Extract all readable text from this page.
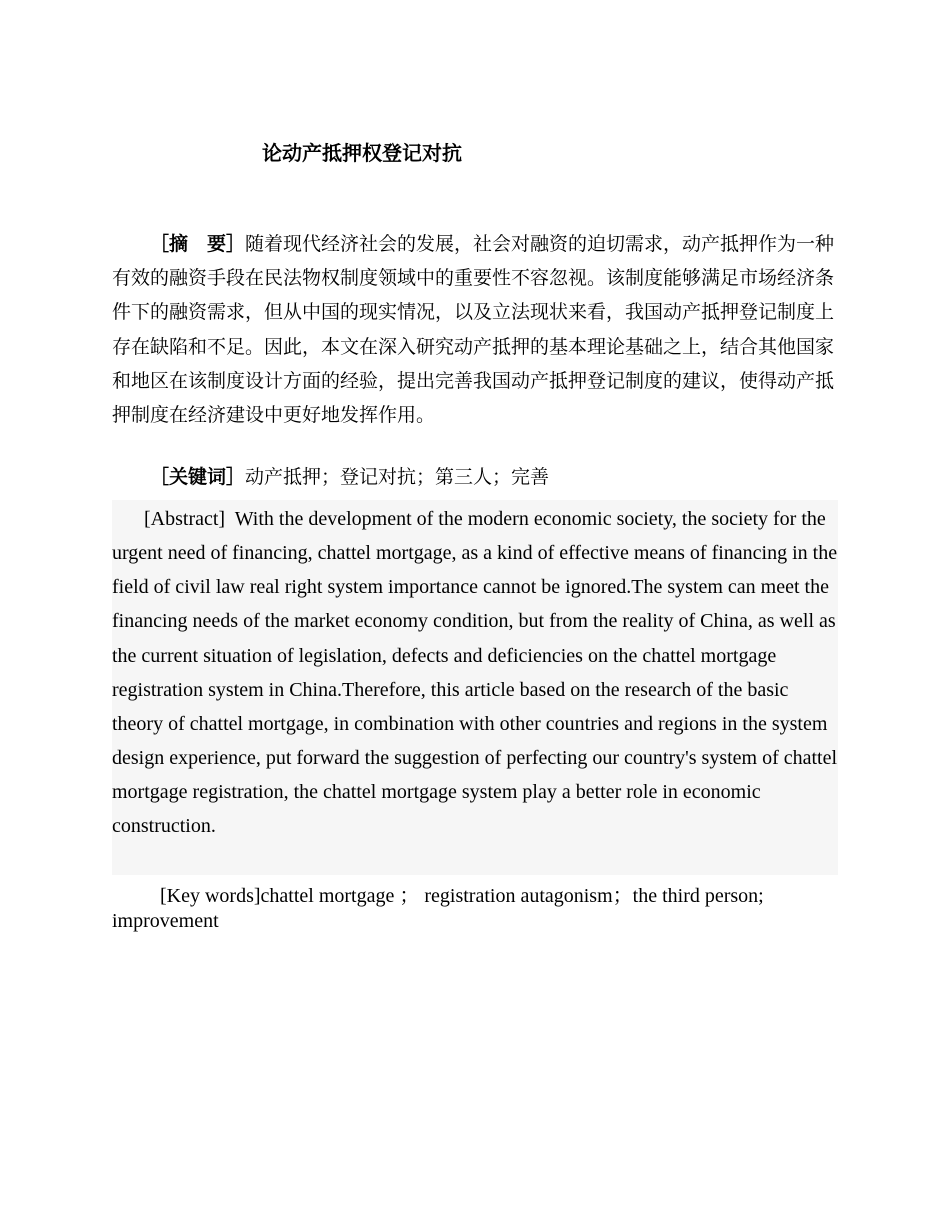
论动产抵押权登记对抗

［摘　要］随着现代经济社会的发展，社会对融资的迫切需求，动产抵押作为一种有效的融资手段在民法物权制度领域中的重要性不容忽视。该制度能够满足市场经济条件下的融资需求，但从中国的现实情况，以及立法现状来看，我国动产抵押登记制度上存在缺陷和不足。因此，本文在深入研究动产抵押的基本理论基础之上，结合其他国家和地区在该制度设计方面的经验，提出完善我国动产抵押登记制度的建议，使得动产抵押制度在经济建设中更好地发挥作用。

［关键词］动产抵押；登记对抗；第三人；完善

[Abstract] With the development of the modern economic society, the society for the urgent need of financing, chattel mortgage, as a kind of effective means of financing in the field of civil law real right system importance cannot be ignored.The system can meet the financing needs of the market economy condition, but from the reality of China, as well as the current situation of legislation, defects and deficiencies on the chattel mortgage registration system in China.Therefore, this article based on the research of the basic theory of chattel mortgage, in combination with other countries and regions in the system design experience, put forward the suggestion of perfecting our country's system of chattel mortgage registration, the chattel mortgage system play a better role in economic construction.

[Key words]chattel mortgage ； registration autagonism；the third person; improvement
